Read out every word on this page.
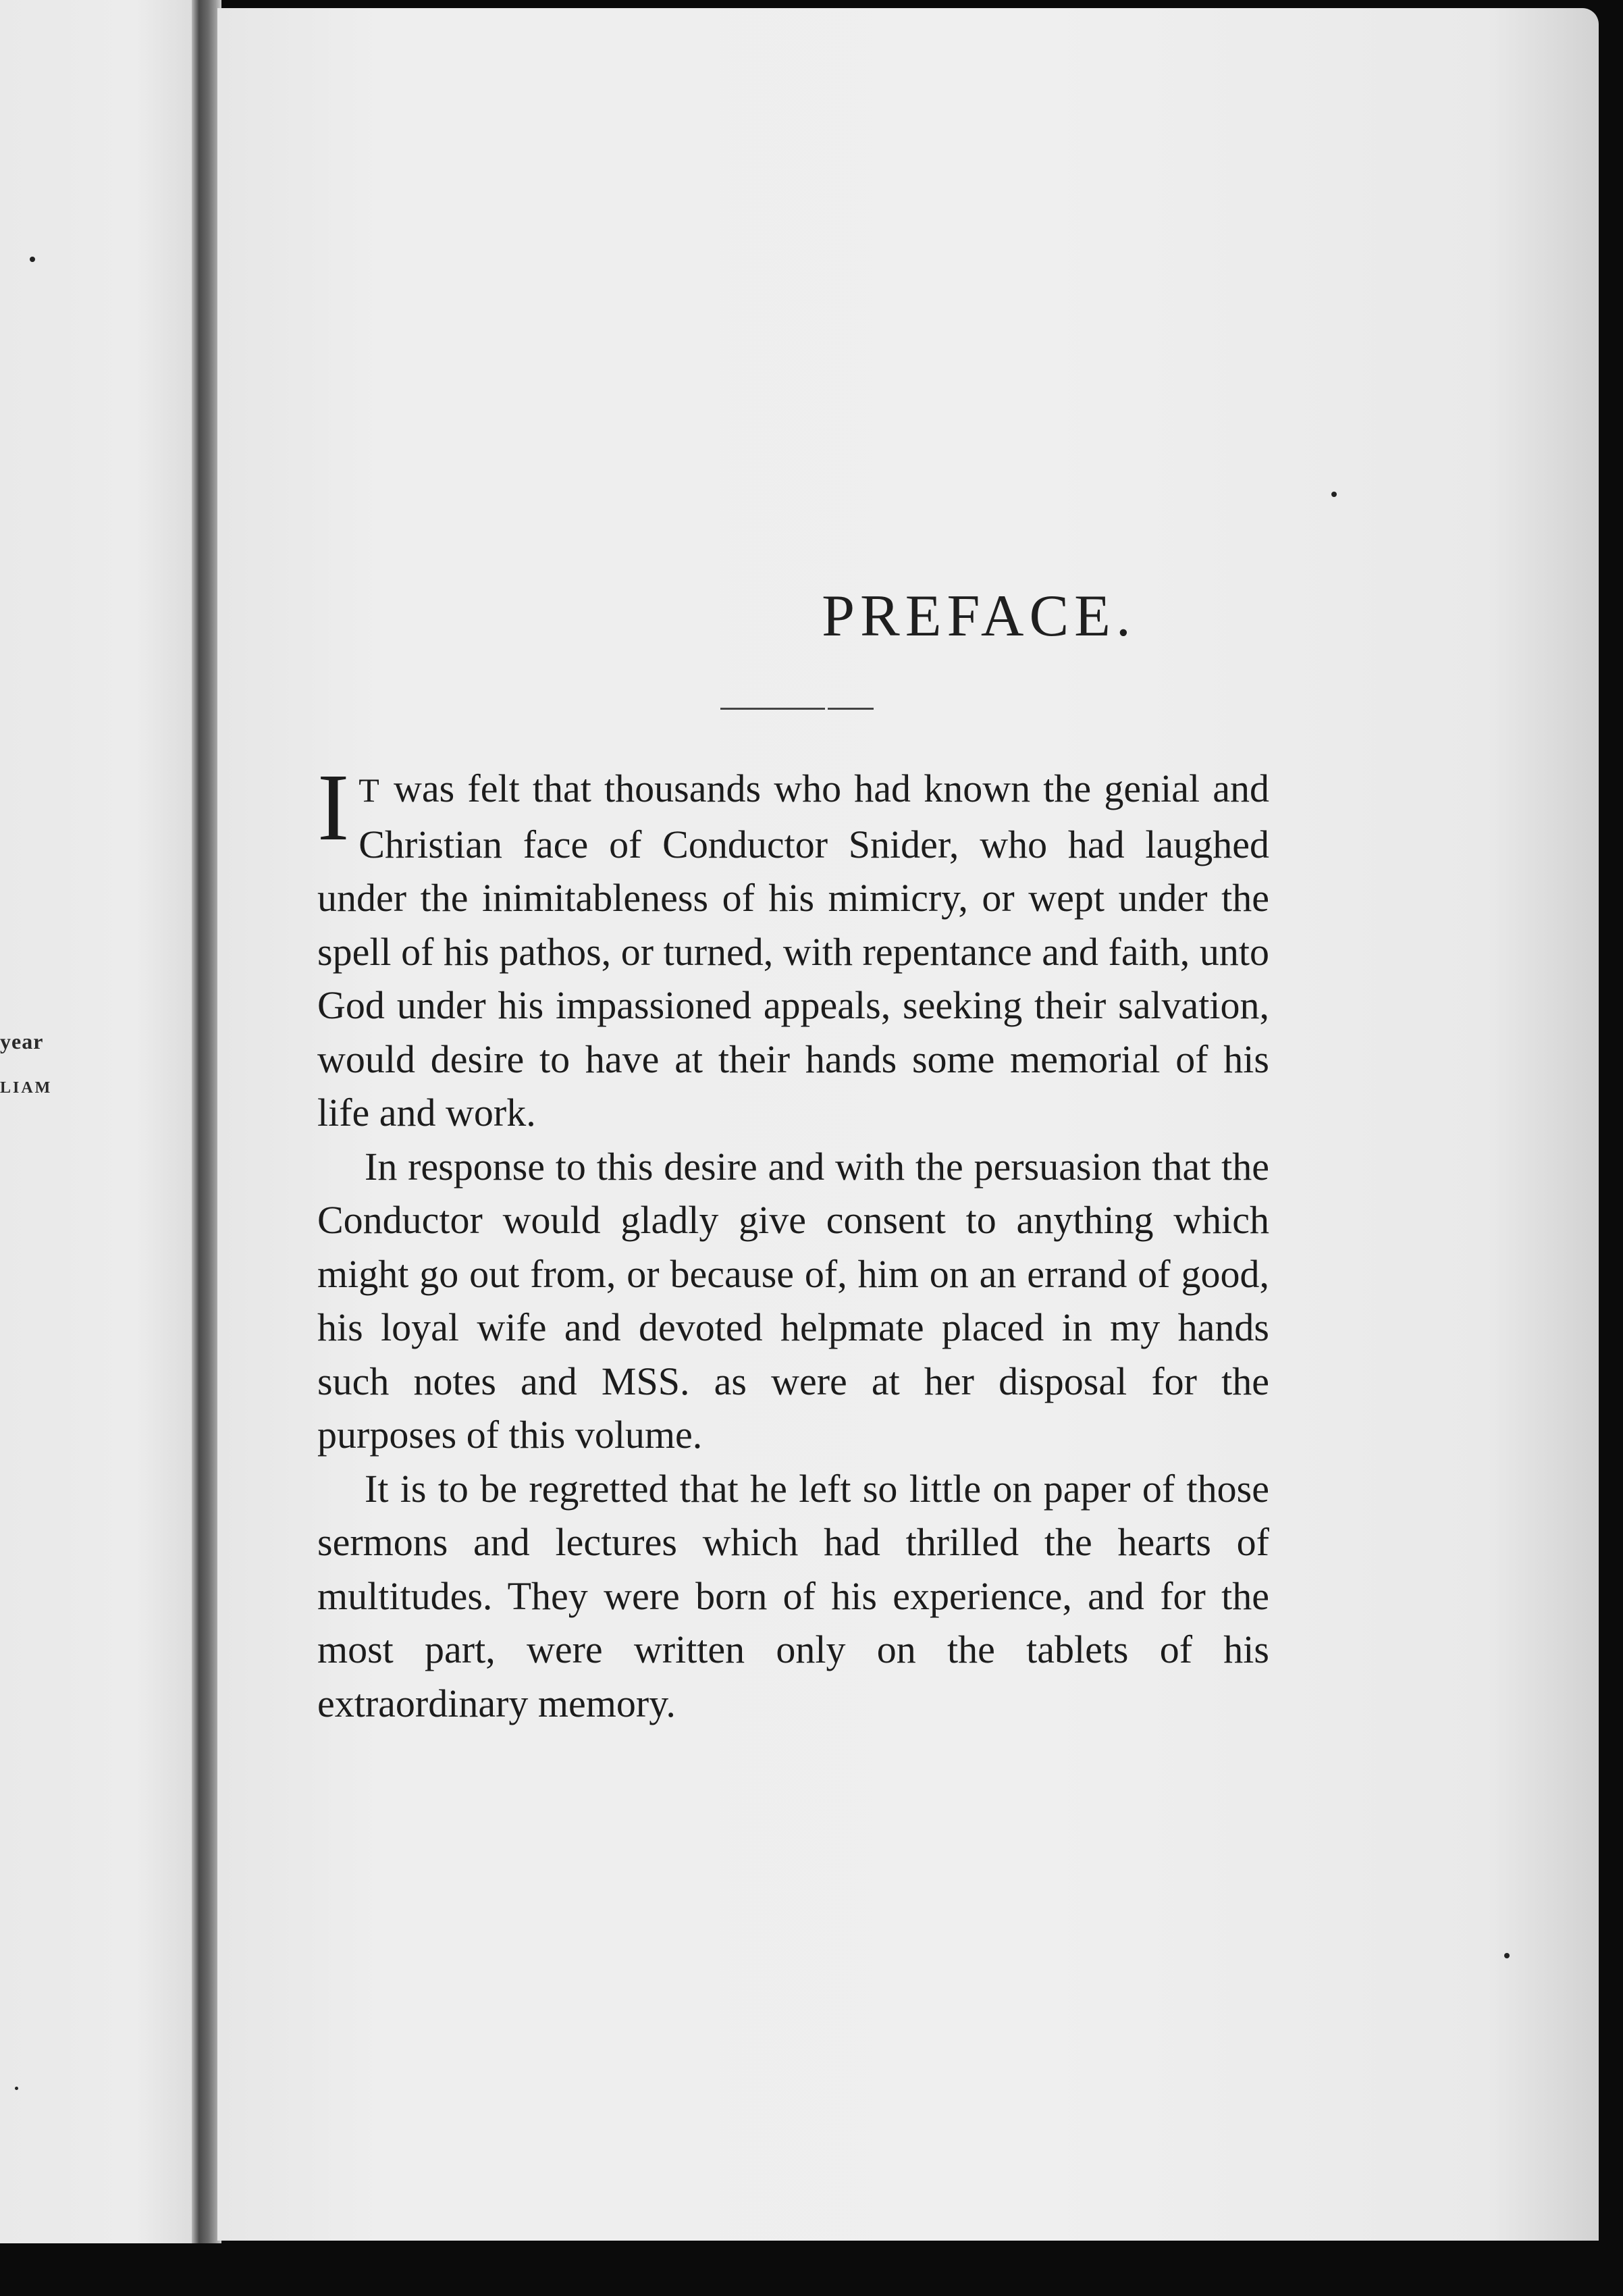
year
LIAM
PREFACE.

I T was felt that thousands who had known the genial and Christian face of Conductor Snider, who had laughed under the inimitableness of his mimicry, or wept under the spell of his pathos, or turned, with repentance and faith, unto God under his impassioned appeals, seeking their salvation, would desire to have at their hands some memorial of his life and work.

In response to this desire and with the persuasion that the Conductor would gladly give consent to anything which might go out from, or because of, him on an errand of good, his loyal wife and devoted helpmate placed in my hands such notes and MSS. as were at her disposal for the purposes of this volume.

It is to be regretted that he left so little on paper of those sermons and lectures which had thrilled the hearts of multitudes. They were born of his experience, and for the most part, were written only on the tablets of his extraordinary memory.
